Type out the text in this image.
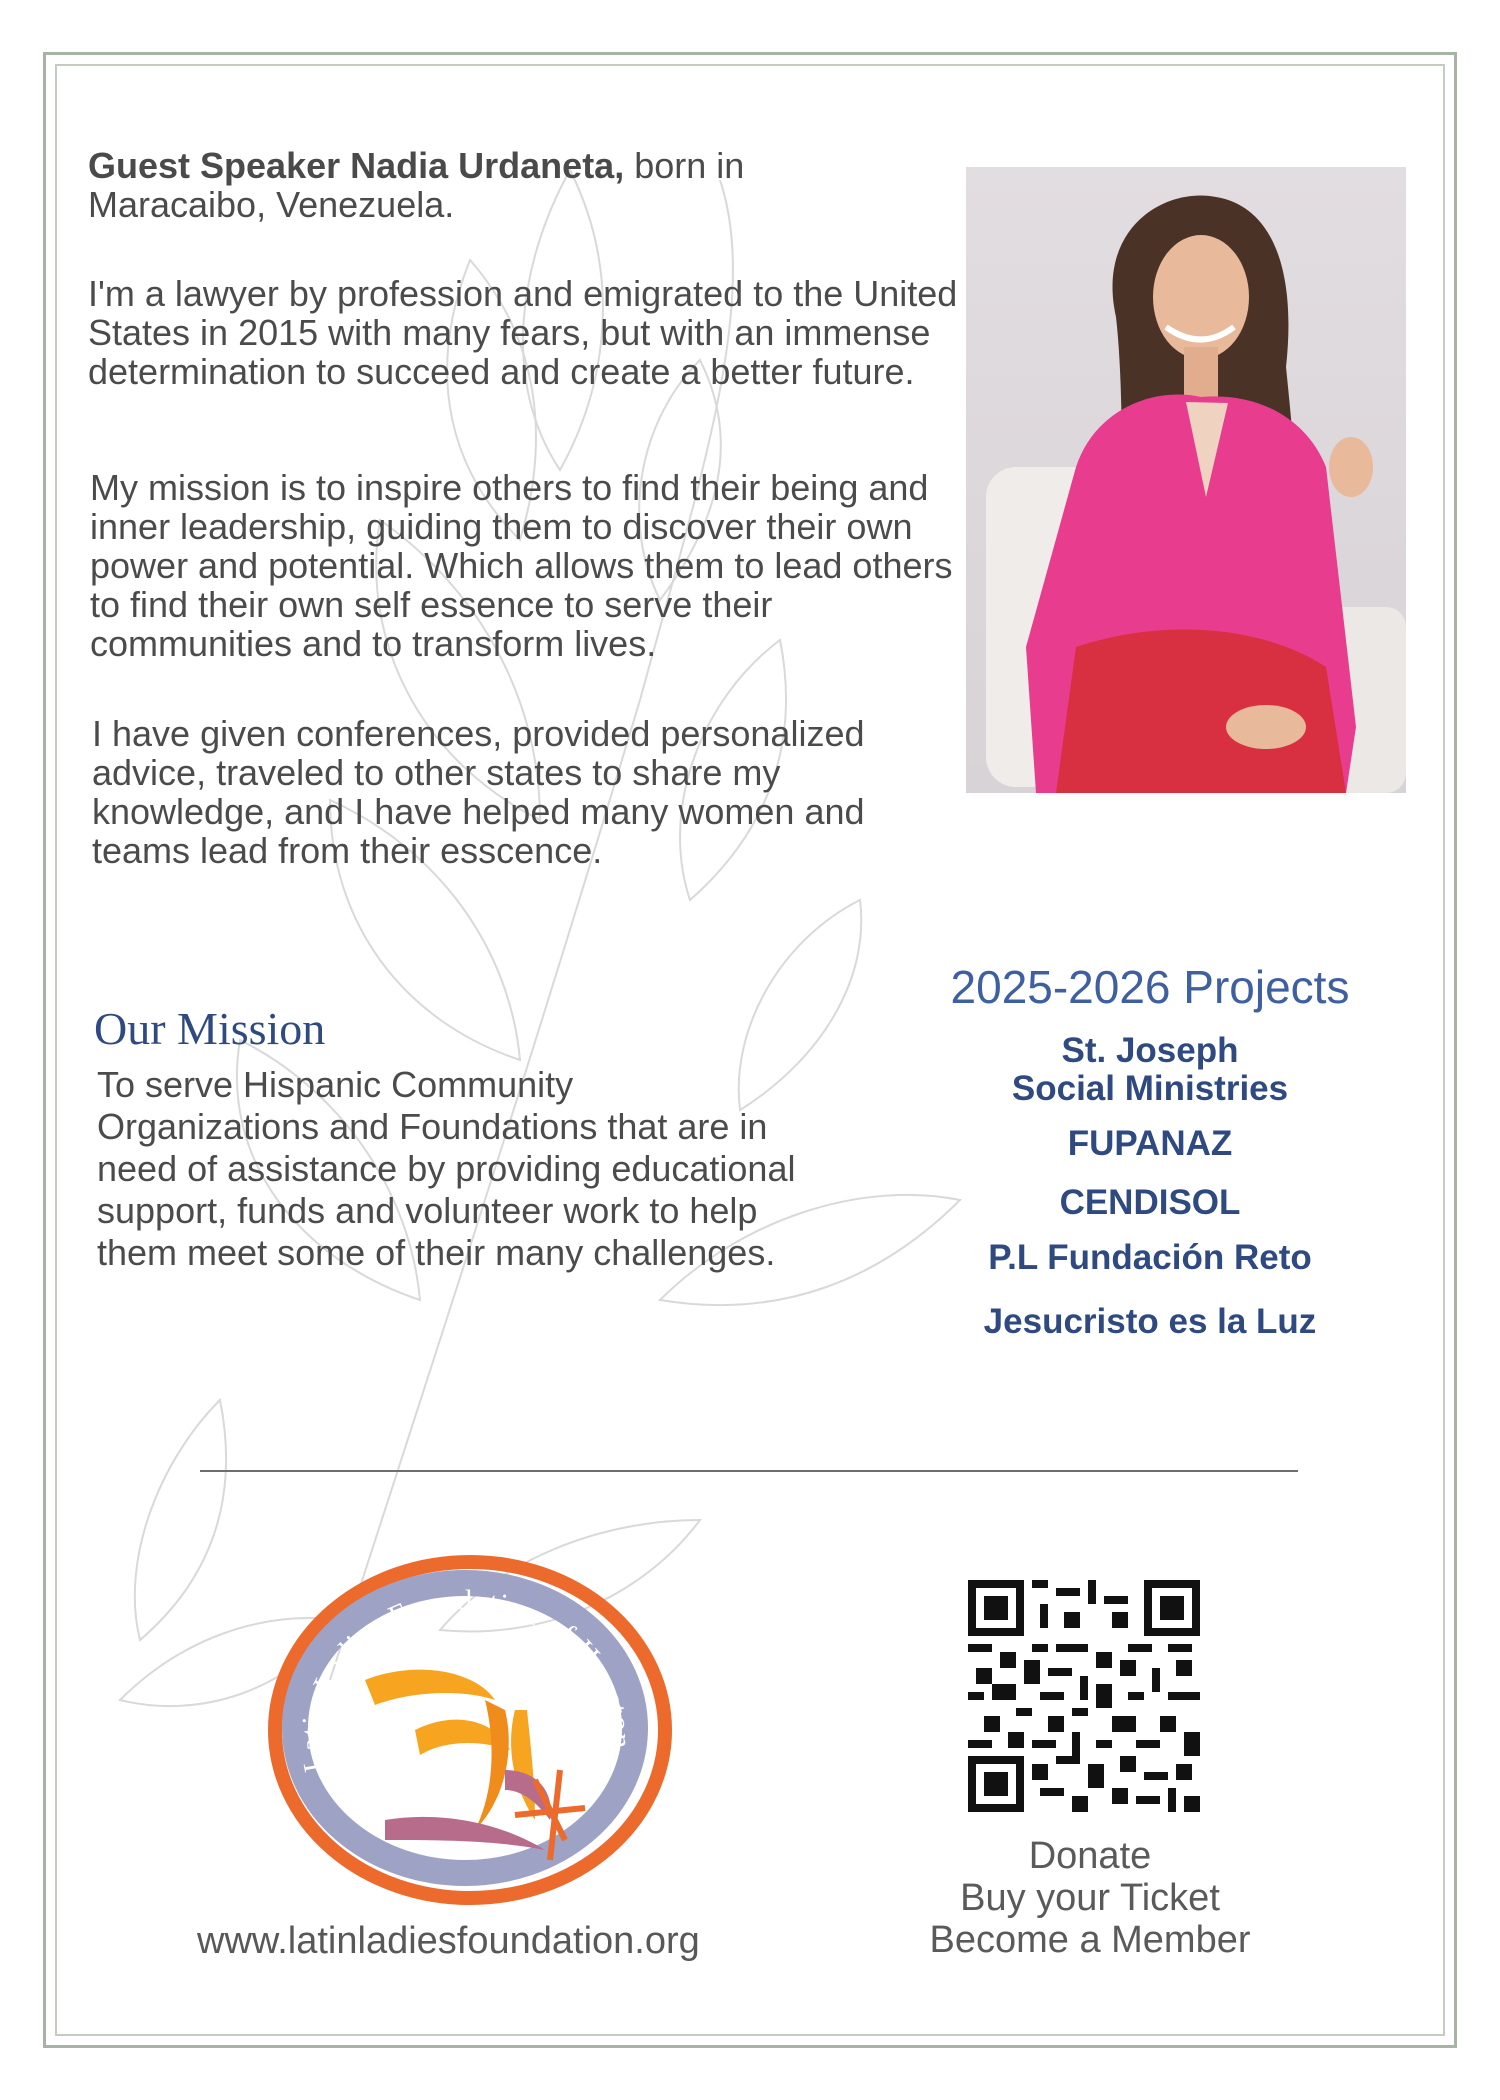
Guest Speaker Nadia Urdaneta, born in Maracaibo, Venezuela.

I'm a lawyer by profession and emigrated to the United States in 2015 with many fears, but with an immense determination to succeed and create a better future.

My mission is to inspire others to find their being and inner leadership, guiding them to discover their own power and potential. Which allows them to lead others to find their own self essence to serve their communities and to transform lives.

I have given conferences, provided personalized advice, traveled to other states to share my knowledge, and I have helped many women and teams lead from their esscence.

Our Mission

To serve Hispanic Community Organizations and Foundations that are in need of assistance by providing educational support, funds and volunteer work to help them meet some of their many challenges.

2025-2026 Projects
St. Joseph
Social Ministries
FUPANAZ
CENDISOL
P.L Fundación Reto
Jesucristo es la Luz
Latin Ladies Foundation of Houston
www.latinladiesfoundation.org
Donate
Buy your Ticket
Become a Member
